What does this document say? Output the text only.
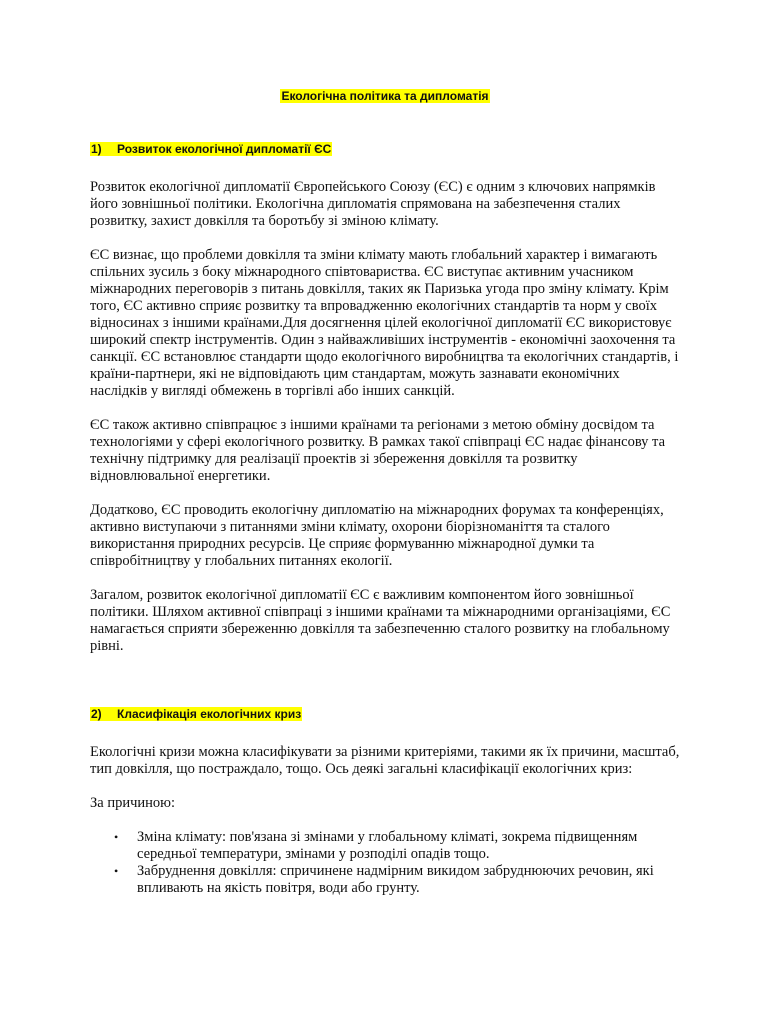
Екологічна політика та дипломатія
1) Розвиток екологічної дипломатії ЄС

Розвиток екологічної дипломатії Європейського Союзу (ЄС) є одним з ключових напрямків його зовнішньої політики. Екологічна дипломатія спрямована на забезпечення сталих розвитку, захист довкілля та боротьбу зі зміною клімату.

ЄС визнає, що проблеми довкілля та зміни клімату мають глобальний характер і вимагають спільних зусиль з боку міжнародного співтовариства. ЄС виступає активним учасником міжнародних переговорів з питань довкілля, таких як Паризька угода про зміну клімату. Крім того, ЄС активно сприяє розвитку та впровадженню екологічних стандартів та норм у своїх відносинах з іншими країнами.Для досягнення цілей екологічної дипломатії ЄС використовує широкий спектр інструментів. Один з найважливіших інструментів - економічні заохочення та санкції. ЄС встановлює стандарти щодо екологічного виробництва та екологічних стандартів, і країни-партнери, які не відповідають цим стандартам, можуть зазнавати економічних наслідків у вигляді обмежень в торгівлі або інших санкцій.

ЄС також активно співпрацює з іншими країнами та регіонами з метою обміну досвідом та технологіями у сфері екологічного розвитку. В рамках такої співпраці ЄС надає фінансову та технічну підтримку для реалізації проектів зі збереження довкілля та розвитку відновлювальної енергетики.

Додатково, ЄС проводить екологічну дипломатію на міжнародних форумах та конференціях, активно виступаючи з питаннями зміни клімату, охорони біорізноманіття та сталого використання природних ресурсів. Це сприяє формуванню міжнародної думки та співробітництву у глобальних питаннях екології.

Загалом, розвиток екологічної дипломатії ЄС є важливим компонентом його зовнішньої політики. Шляхом активної співпраці з іншими країнами та міжнародними організаціями, ЄС намагається сприяти збереженню довкілля та забезпеченню сталого розвитку на глобальному рівні.

2) Класифікація екологічних криз

Екологічні кризи можна класифікувати за різними критеріями, такими як їх причини, масштаб, тип довкілля, що постраждало, тощо. Ось деякі загальні класифікації екологічних криз:

За причиною:

• Зміна клімату: пов'язана зі змінами у глобальному кліматі, зокрема підвищенням середньої температури, змінами у розподілі опадів тощо.
• Забруднення довкілля: спричинене надмірним викидом забруднюючих речовин, які впливають на якість повітря, води або грунту.
